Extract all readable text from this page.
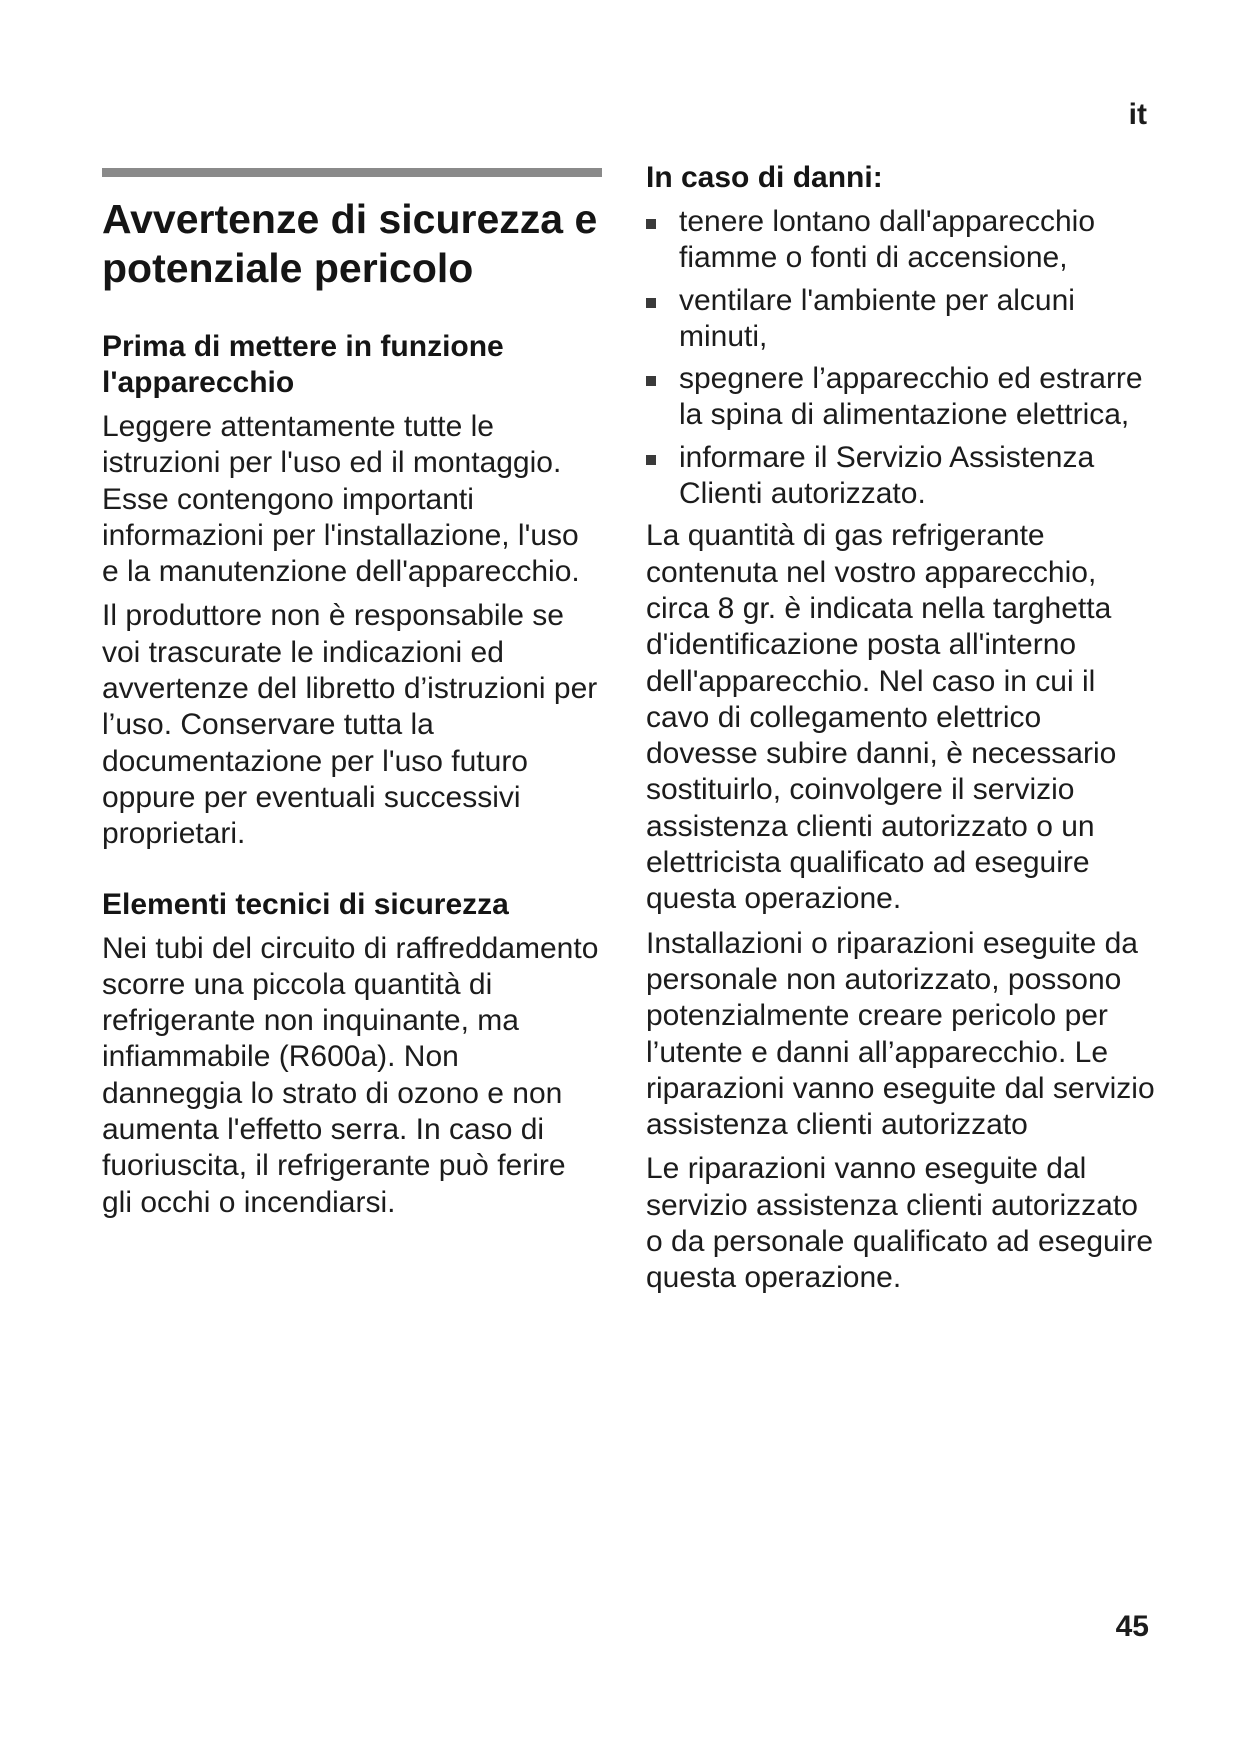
it
Avvertenze di sicurezza e potenziale pericolo
Prima di mettere in funzione l'apparecchio

Leggere attentamente tutte le istruzioni per l'uso ed il montaggio. Esse contengono importanti informazioni per l'installazione, l'uso e la manutenzione dell'apparecchio.

Il produttore non è responsabile se voi trascurate le indicazioni ed avvertenze del libretto d’istruzioni per l’uso. Conservare tutta la documentazione per l'uso futuro oppure per eventuali successivi proprietari.

Elementi tecnici di sicurezza

Nei tubi del circuito di raffreddamento scorre una piccola quantità di refrigerante non inquinante, ma infiammabile (R600a). Non danneggia lo strato di ozono e non aumenta l'effetto serra. In caso di fuoriuscita, il refrigerante può ferire gli occhi o incendiarsi.

In caso di danni:
tenere lontano dall'apparecchio fiamme o fonti di accensione,
ventilare l'ambiente per alcuni minuti,
spegnere l’apparecchio ed estrarre la spina di alimentazione elettrica,
informare il Servizio Assistenza Clienti autorizzato.

La quantità di gas refrigerante contenuta nel vostro apparecchio, circa 8 gr. è indicata nella targhetta d'identificazione posta all'interno dell'apparecchio. Nel caso in cui il cavo di collegamento elettrico dovesse subire danni, è necessario sostituirlo, coinvolgere il servizio assistenza clienti autorizzato o un elettricista qualificato ad eseguire questa operazione.

Installazioni o riparazioni eseguite da personale non autorizzato, possono potenzialmente creare pericolo per l’utente e danni all’apparecchio. Le riparazioni vanno eseguite dal servizio assistenza clienti autorizzato

Le riparazioni vanno eseguite dal servizio assistenza clienti autorizzato o da personale qualificato ad eseguire questa operazione.

45
